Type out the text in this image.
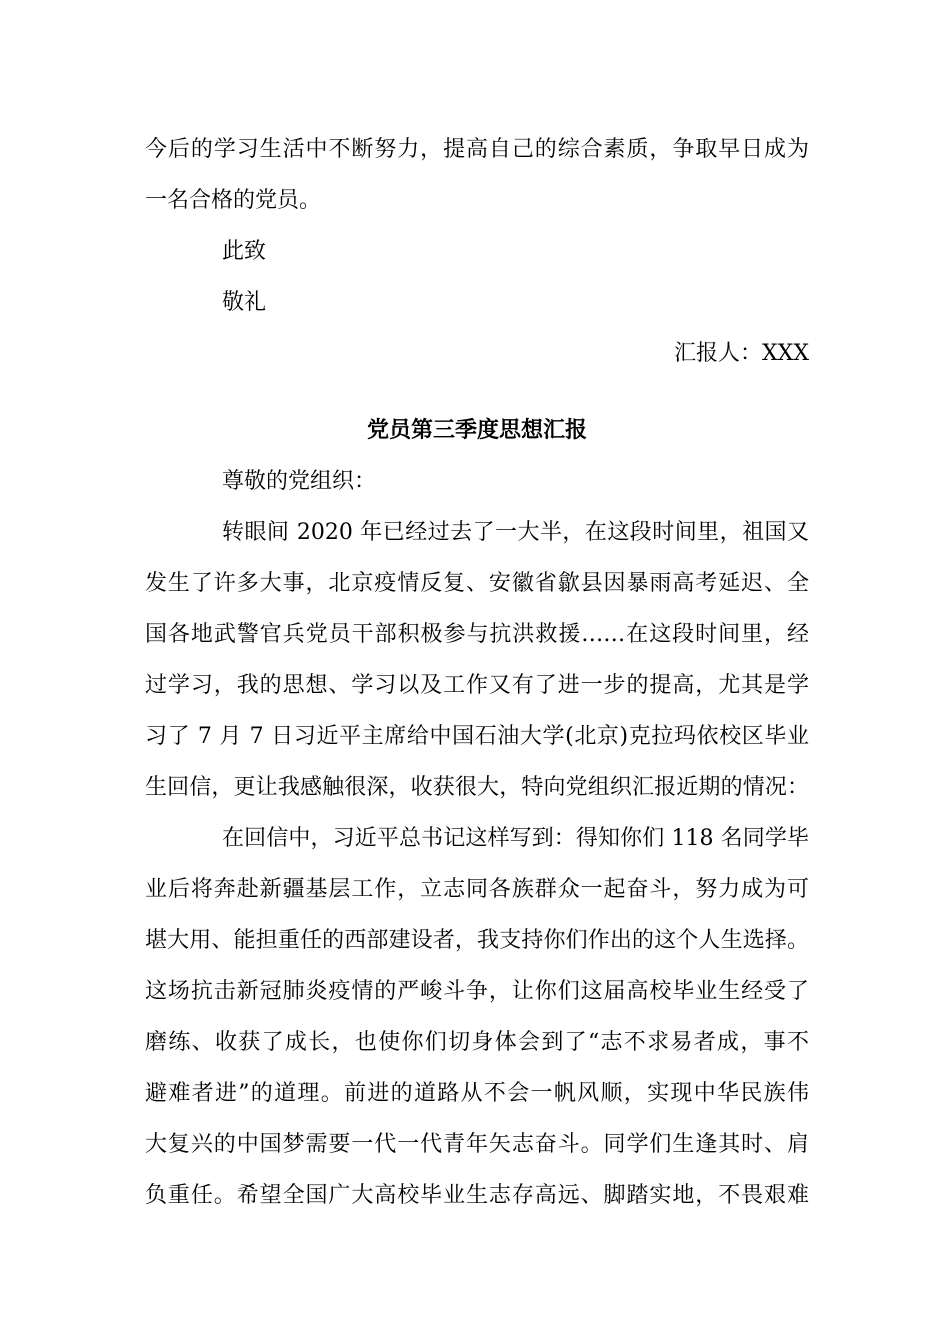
今后的学习生活中不断努力，提高自己的综合素质，争取早日成为
一名合格的党员。
此致
敬礼
汇报人：XXX
党员第三季度思想汇报
尊敬的党组织：
转眼间 2020 年已经过去了一大半，在这段时间里，祖国又
发生了许多大事，北京疫情反复、安徽省歙县因暴雨高考延迟、全
国各地武警官兵党员干部积极参与抗洪救援……在这段时间里，经
过学习，我的思想、学习以及工作又有了进一步的提高，尤其是学
习了 7 月 7 日习近平主席给中国石油大学(北京)克拉玛依校区毕业
生回信，更让我感触很深，收获很大，特向党组织汇报近期的情况：
在回信中，习近平总书记这样写到：得知你们 118 名同学毕
业后将奔赴新疆基层工作，立志同各族群众一起奋斗，努力成为可
堪大用、能担重任的西部建设者，我支持你们作出的这个人生选择。
这场抗击新冠肺炎疫情的严峻斗争，让你们这届高校毕业生经受了
磨练、收获了成长，也使你们切身体会到了“志不求易者成，事不
避难者进”的道理。前进的道路从不会一帆风顺，实现中华民族伟
大复兴的中国梦需要一代一代青年矢志奋斗。同学们生逢其时、肩
负重任。希望全国广大高校毕业生志存高远、脚踏实地，不畏艰难
